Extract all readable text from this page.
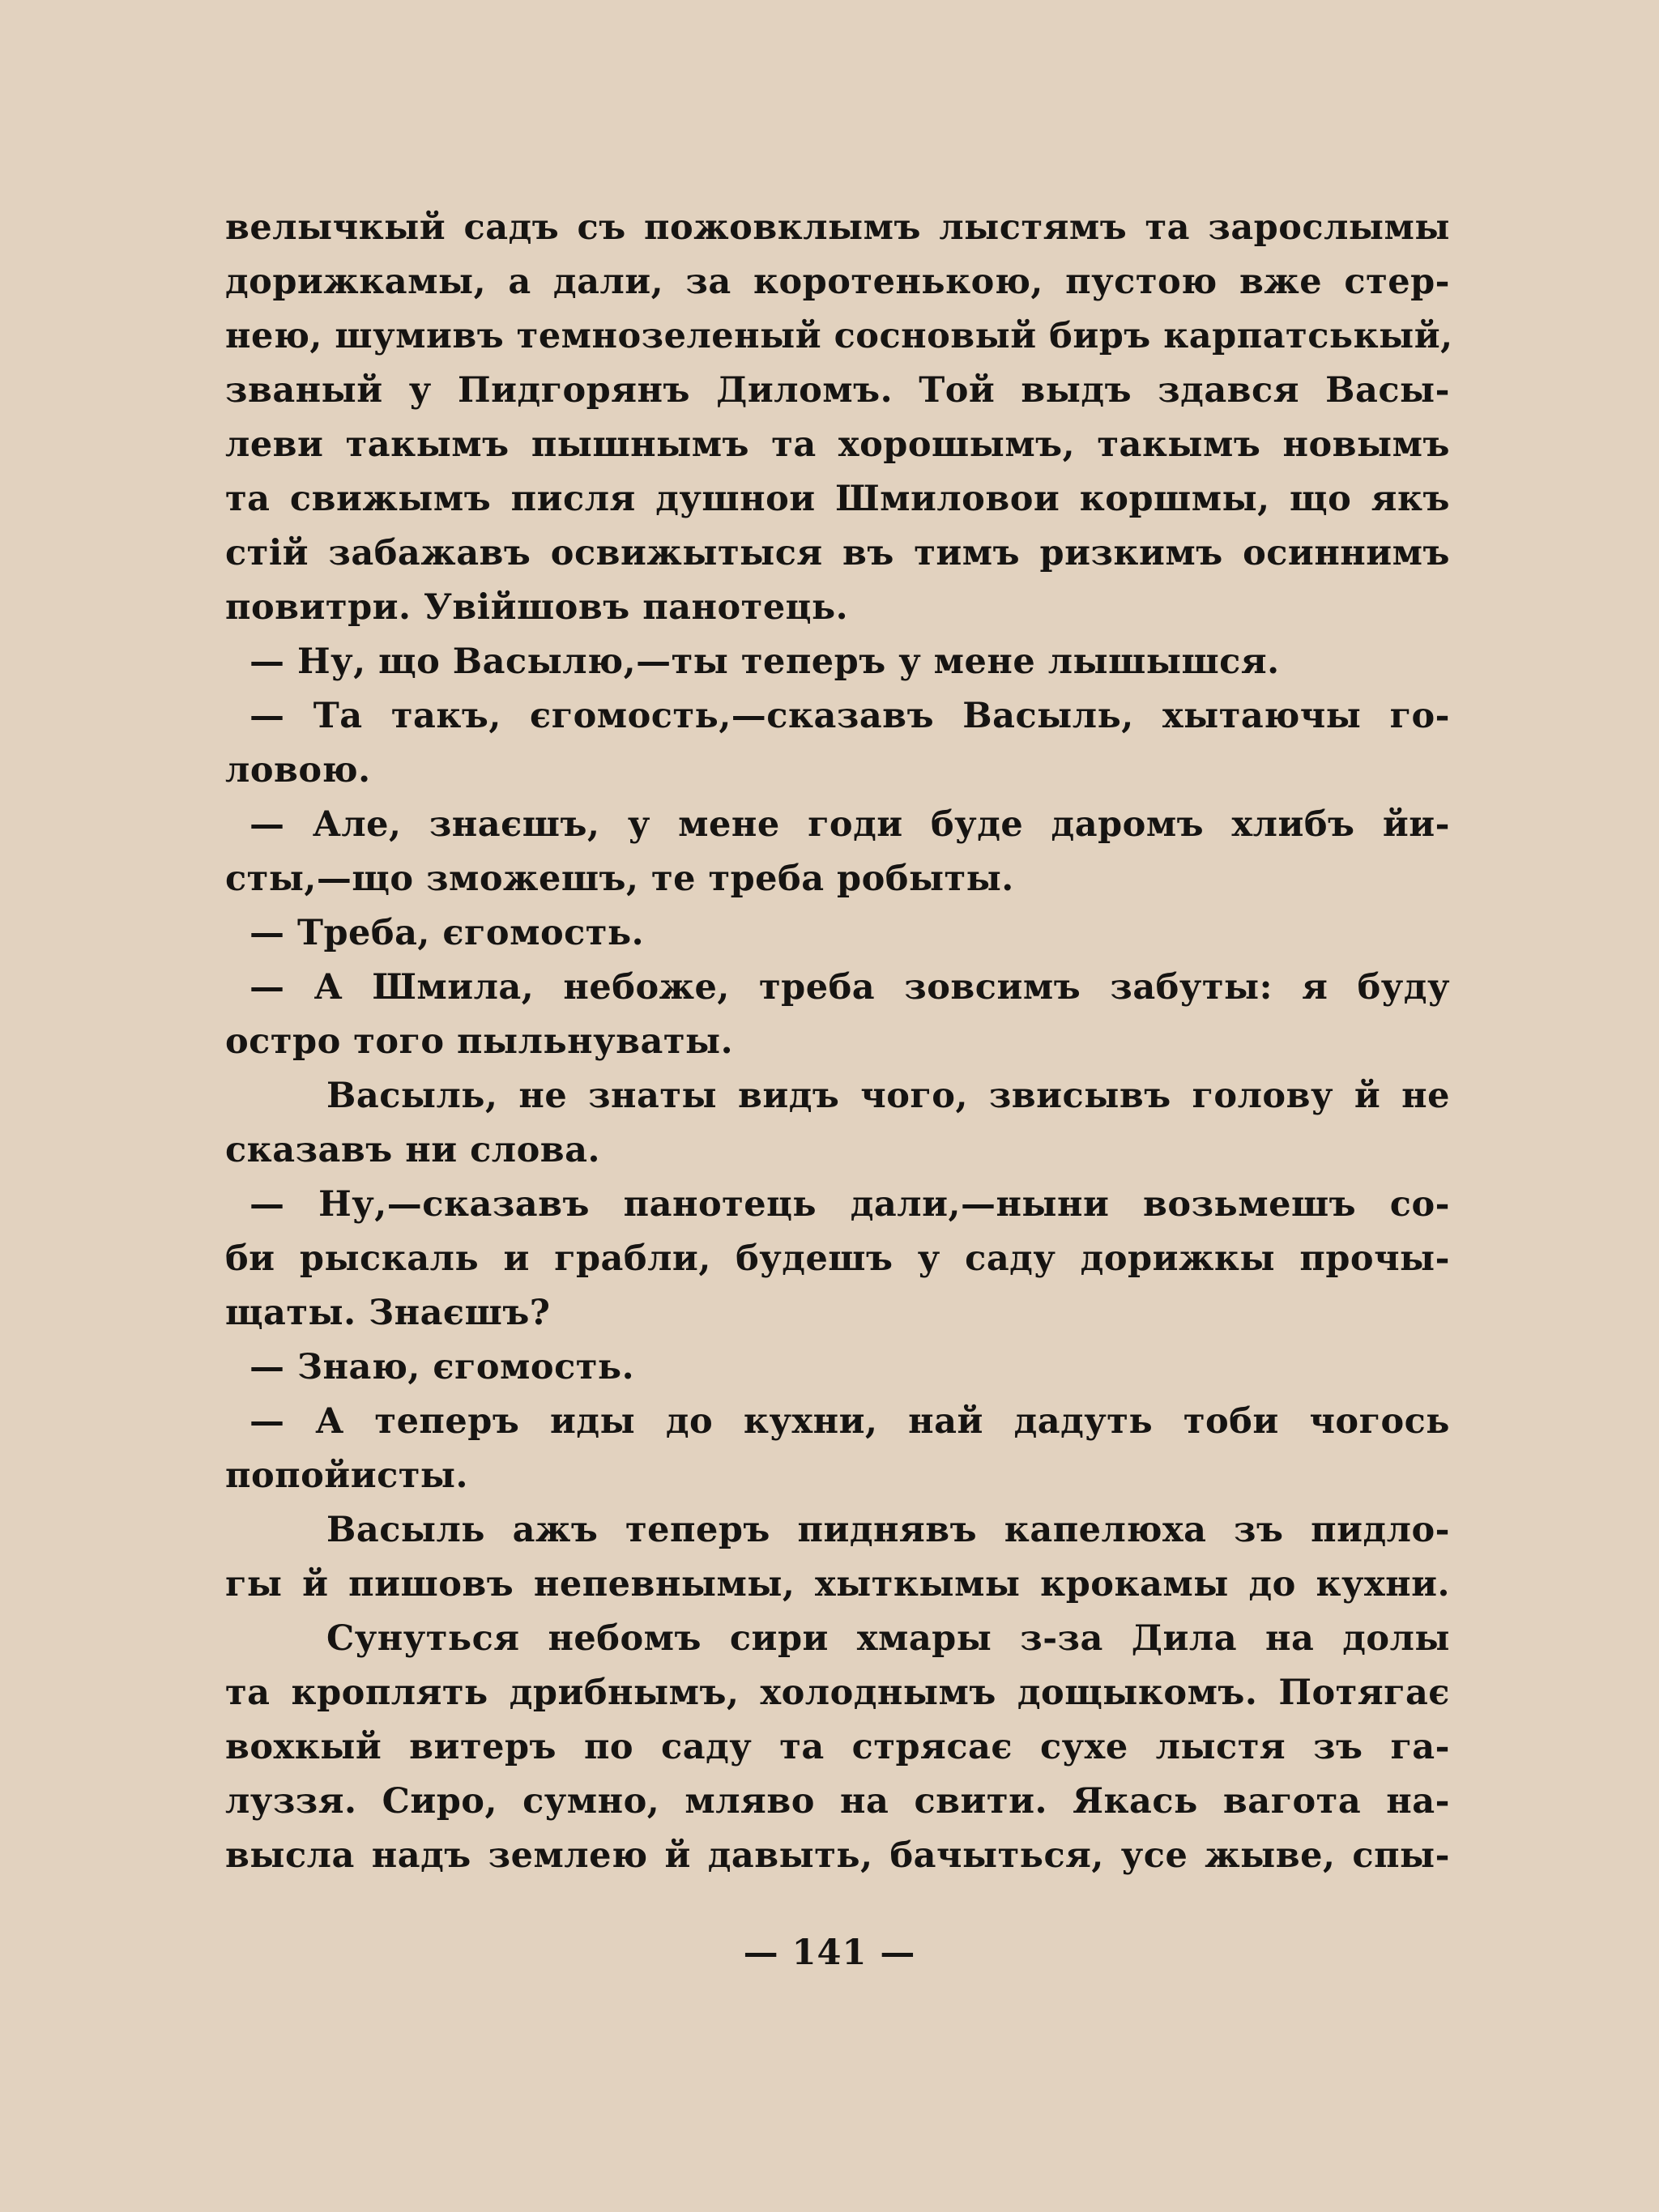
велычкый садъ съ пожовклымъ лыстямъ та зарослымы
дорижкамы, а дали, за коротенькою, пустою вже стер-
нею, шумивъ темнозеленый сосновый биръ карпатськый,
званый у Пидгорянъ Диломъ. Той выдъ здався Васы-
леви такымъ пышнымъ та хорошымъ, такымъ новымъ
та свижымъ писля душнои Шмиловои коршмы, що якъ
стій забажавъ освижытыся въ тимъ ризкимъ осиннимъ
повитри. Увійшовъ панотець.
— Ну, що Васылю,—ты теперъ у мене лышышся.
— Та такъ, єгомость,—сказавъ Васыль, хытаючы го-
ловою.
— Але, знаєшъ, у мене годи буде даромъ хлибъ йи-
сты,—що зможешъ, те треба робыты.
— Треба, єгомость.
— А Шмила, небоже, треба зовсимъ забуты: я буду
остро того пыльнуваты.
Васыль, не знаты видъ чого, звисывъ голову й не
сказавъ ни слова.
— Ну,—сказавъ панотець дали,—ныни возьмешъ со-
би рыскаль и грабли, будешъ у саду дорижкы прочы-
щаты. Знаєшъ?
— Знаю, єгомость.
— А теперъ иды до кухни, най дадуть тоби чогось
попойисты.
Васыль ажъ теперъ пиднявъ капелюха зъ пидло-
гы й пишовъ непевнымы, хыткымы крокамы до кухни.
Сунуться небомъ сири хмары з-за Дила на долы
та кроплять дрибнымъ, холоднымъ дощыкомъ. Потягає
вохкый витеръ по саду та стрясає сухе лыстя зъ га-
луззя. Сиро, сумно, мляво на свити. Якась вагота на-
высла надъ землею й давыть, бачыться, усе жыве, спы-
— 141 —
